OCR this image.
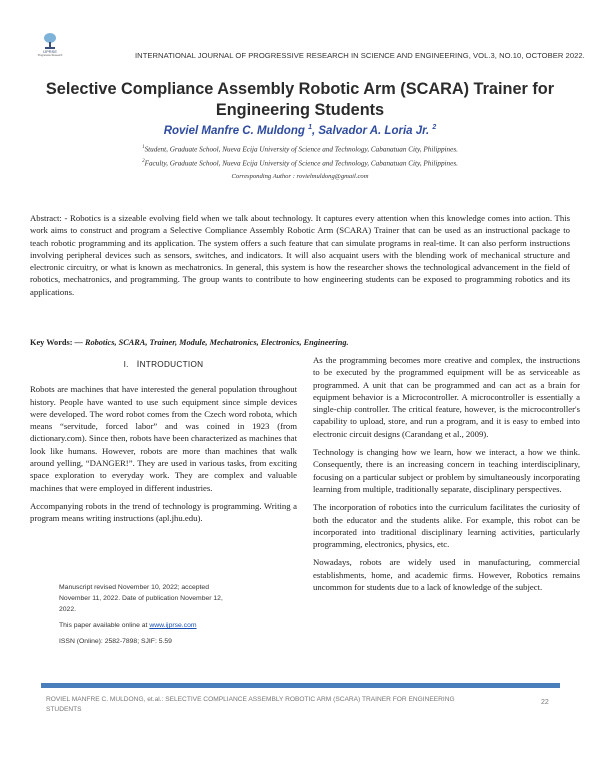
IJPRSE
Progressive Research	INTERNATIONAL JOURNAL OF PROGRESSIVE RESEARCH IN SCIENCE AND ENGINEERING, VOL.3, NO.10, OCTOBER 2022.
Selective Compliance Assembly Robotic Arm (SCARA) Trainer for Engineering Students
Roviel Manfre C. Muldong $^1$, Salvador A. Loria Jr. $^2$
$^1$Student, Graduate School, Nueva Ecija University of Science and Technology, Cabanatuan City, Philippines.
$^2$Faculty, Graduate School, Nueva Ecija University of Science and Technology, Cabanatuan City, Philippines.
Corresponding Author : rovielmuldong@gmail.com
Abstract: - Robotics is a sizeable evolving field when we talk about technology. It captures every attention when this knowledge comes into action. This work aims to construct and program a Selective Compliance Assembly Robotic Arm (SCARA) Trainer that can be used as an instructional package to teach robotic programming and its application. The system offers a such feature that can simulate programs in real-time. It can also perform instructions involving peripheral devices such as sensors, switches, and indicators. It will also acquaint users with the blending work of mechanical structure and electronic circuitry, or what is known as mechatronics. In general, this system is how the researcher shows the technological advancement in the field of robotics, mechatronics, and programming. The group wants to contribute to how engineering students can be exposed to programming robotics and its applications.
Key Words: — Robotics, SCARA, Trainer, Module, Mechatronics, Electronics, Engineering.
I. INTRODUCTION

Robots are machines that have interested the general population throughout history. People have wanted to use such equipment since simple devices were developed. The word robot comes from the Czech word robota, which means “servitude, forced labor” and was coined in 1923 (from dictionary.com). Since then, robots have been characterized as machines that look like humans. However, robots are more than machines that walk around yelling, “DANGER!”. They are used in various tasks, from exciting space exploration to everyday work. They are complex and valuable machines that were employed in different industries.

Accompanying robots in the trend of technology is programming. Writing a program means writing instructions (apl.jhu.edu).

Manuscript revised November 10, 2022; accepted November 11, 2022. Date of publication November 12, 2022.

This paper available online at www.ijprse.com

ISSN (Online): 2582-7898; SJIF: 5.59

As the programming becomes more creative and complex, the instructions to be executed by the programmed equipment will be as serviceable as programmed. A unit that can be programmed and can act as a brain for equipment behavior is a Microcontroller. A microcontroller is essentially a single-chip controller. The critical feature, however, is the microcontroller's capability to upload, store, and run a program, and it is easy to embed into electronic circuit designs (Carandang et al., 2009).

Technology is changing how we learn, how we interact, a how we think. Consequently, there is an increasing concern in teaching interdisciplinary, focusing on a particular subject or problem by simultaneously incorporating learning from multiple, traditionally separate, disciplinary perspectives.

The incorporation of robotics into the curriculum facilitates the curiosity of both the educator and the students alike. For example, this robot can be incorporated into traditional disciplinary learning activities, particularly programming, electronics, physics, etc.

Nowadays, robots are widely used in manufacturing, commercial establishments, home, and academic firms. However, Robotics remains uncommon for students due to a lack of knowledge of the subject.

ROVIEL MANFRE C. MULDONG, et.al.: SELECTIVE COMPLIANCE ASSEMBLY ROBOTIC ARM (SCARA) TRAINER FOR ENGINEERING STUDENTS
22
